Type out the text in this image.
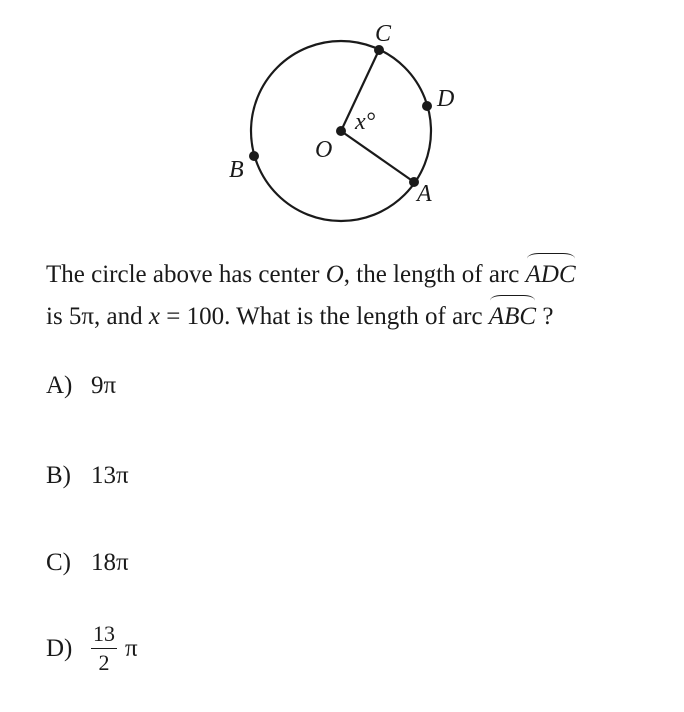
C
D
A
B
O
x°
The circle above has center O, the length of arc ADC
is 5π, and x = 100. What is the length of arc ABC ?
A) 9π
B) 13π
C) 18π
$D) \frac{13}{2}$ π
